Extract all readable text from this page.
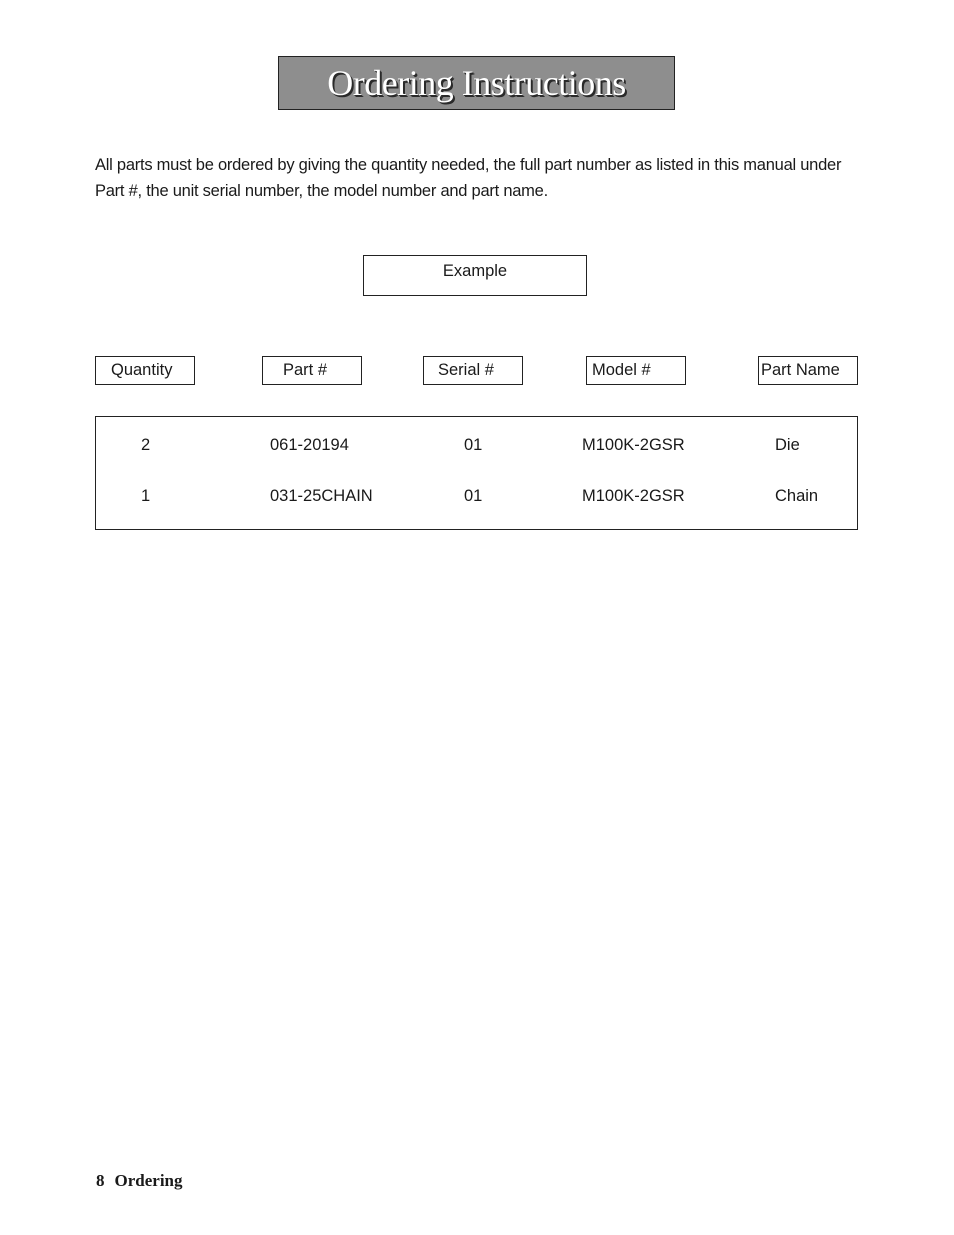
Ordering Instructions

All parts must be ordered by giving the quantity needed, the full part number as listed in this manual under Part #, the unit serial number, the model number and part name.

Example
Quantity	Part #	Serial #	Model #	Part Name
2	061-20194	01	M100K-2GSR	Die
1	031-25CHAIN	01	M100K-2GSR	Chain
8 Ordering
